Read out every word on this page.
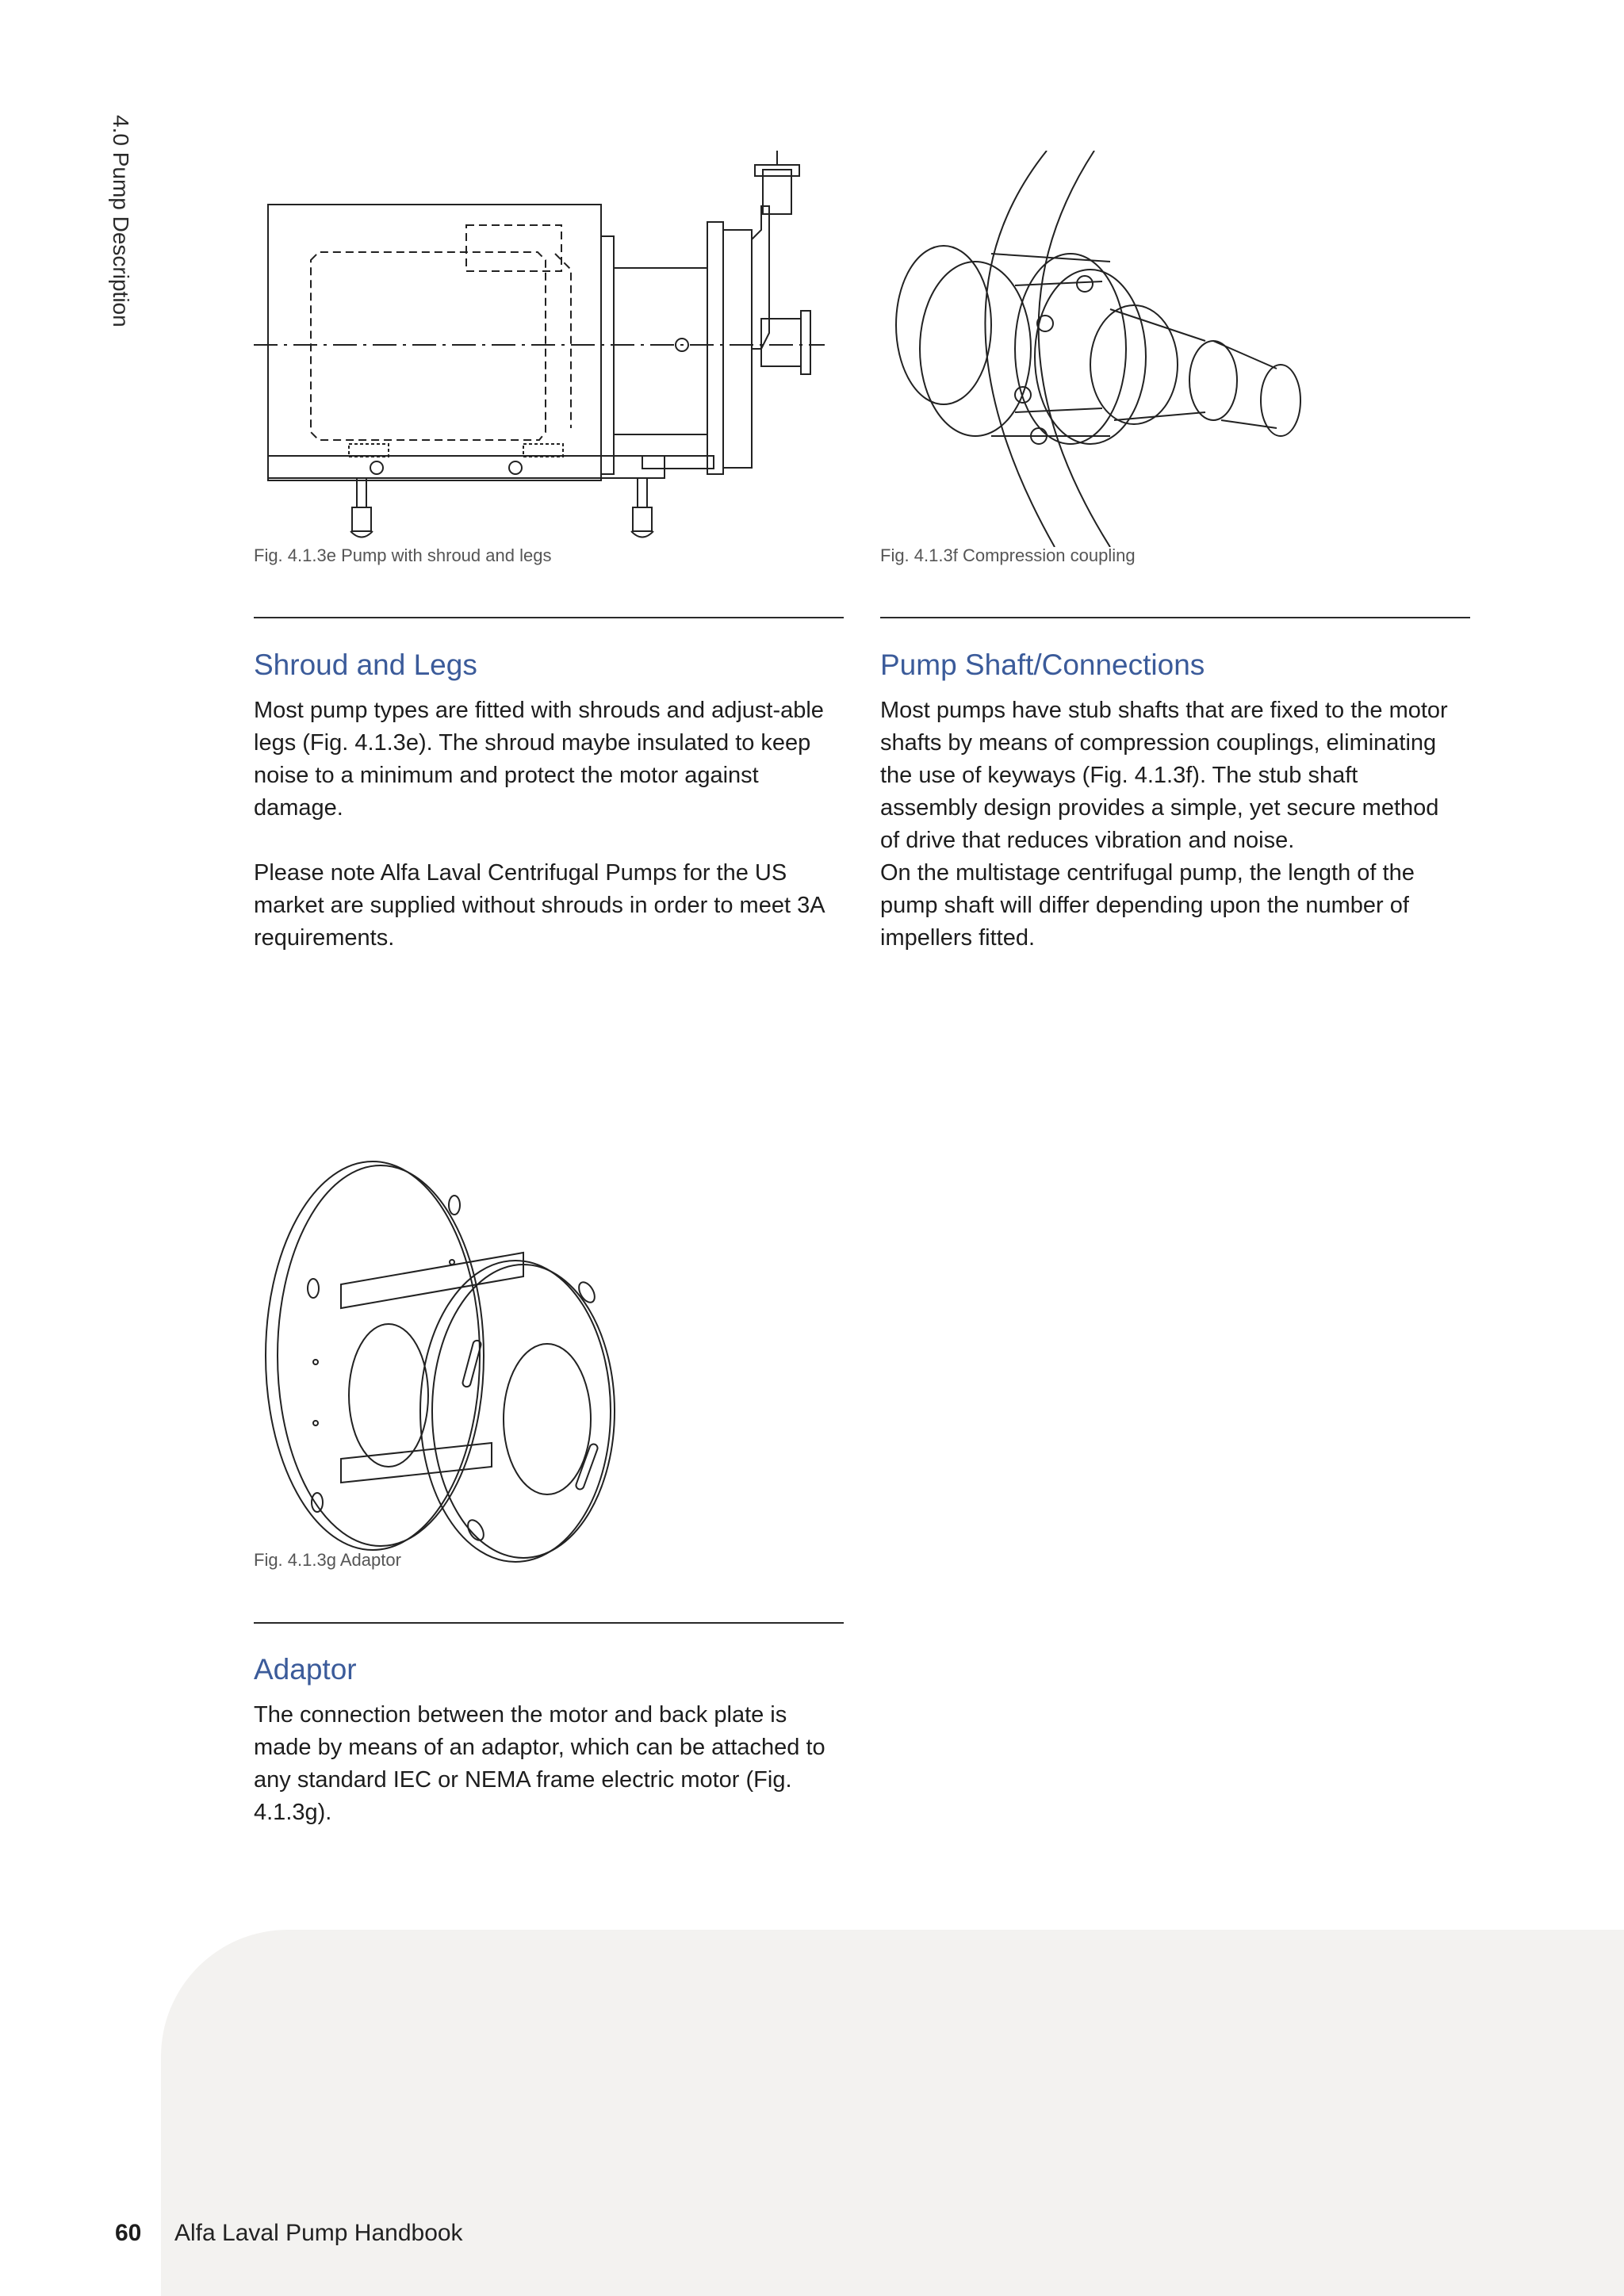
4.0 Pump Description
Fig. 4.1.3e Pump with shroud and legs	Fig. 4.1.3f Compression coupling
Shroud and Legs

Most pump types are fitted with shrouds and adjust-able legs (Fig. 4.1.3e). The shroud maybe insulated to keep noise to a minimum and protect the motor against damage.

Please note Alfa Laval Centrifugal Pumps for the US market are supplied without shrouds in order to meet 3A requirements.

Pump Shaft/Connections

Most pumps have stub shafts that are fixed to the motor shafts by means of compression couplings, eliminating the use of keyways (Fig. 4.1.3f). The stub shaft assembly design provides a simple, yet secure method of drive that reduces vibration and noise.

On the multistage centrifugal pump, the length of the pump shaft will differ depending upon the number of impellers fitted.

Fig. 4.1.3g Adaptor
Adaptor

The connection between the motor and back plate is made by means of an adaptor, which can be attached to any standard IEC or NEMA frame electric motor (Fig. 4.1.3g).

60 Alfa Laval Pump Handbook
